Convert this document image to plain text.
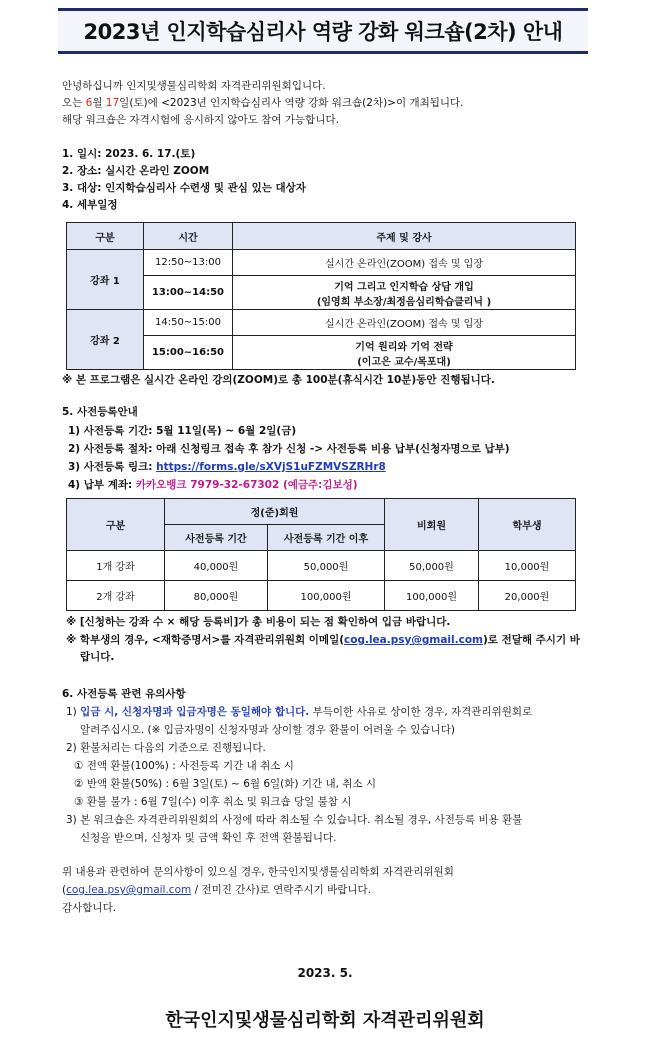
2023년 인지학습심리사 역량 강화 워크숍(2차) 안내
안녕하십니까 인지및생물심리학회 자격관리위원회입니다.
오는 6월 17일(토)에 <2023년 인지학습심리사 역량 강화 워크숍(2차)>이 개최됩니다.
해당 워크숍은 자격시험에 응시하지 않아도 참여 가능합니다.
1. 일시: 2023. 6. 17.(토)
2. 장소: 실시간 온라인 ZOOM
3. 대상: 인지학습심리사 수련생 및 관심 있는 대상자
4. 세부일정
구분	시간	주제 및 강사
강좌 1	12:50~13:00	실시간 온라인(ZOOM) 접속 및 입장
	13:00~14:50	기억 그리고 인지학습 상담 개입
(임영희 부소장/최정음심리학습클리닉 )

강좌 2	14:50~15:00	실시간 온라인(ZOOM) 접속 및 입장
	15:00~16:50	기억 원리와 기억 전략
(이고은 교수/목포대)
※ 본 프로그램은 실시간 온라인 강의(ZOOM)로 총 100분(휴식시간 10분)동안 진행됩니다.
5. 사전등록안내
1) 사전등록 기간: 5월 11일(목) ~ 6월 2일(금)
2) 사전등록 절차: 아래 신청링크 접속 후 참가 신청 -> 사전등록 비용 납부(신청자명으로 납부)
3) 사전등록 링크: https://forms.gle/sXVjS1uFZMVSZRHr8
4) 납부 계좌: 카카오뱅크 7979-32-67302 (예금주:김보성)
구분	정(준)회원		비회원	학부생
	사전등록 기간	사전등록 기간 이후		
1개 강좌	40,000원	50,000원	50,000원	10,000원
2개 강좌	80,000원	100,000원	100,000원	20,000원
※ [신청하는 강좌 수 × 해당 등록비]가 총 비용이 되는 점 확인하여 입금 바랍니다.
※ 학부생의 경우, <재학증명서>를 자격관리위원회 이메일(cog.lea.psy@gmail.com)로 전달해 주시기 바
랍니다.
6. 사전등록 관련 유의사항
1) 입금 시, 신청자명과 입금자명은 동일해야 합니다. 부득이한 사유로 상이한 경우, 자격관리위원회로
알려주십시오. (※ 입금자명이 신청자명과 상이할 경우 환불이 어려울 수 있습니다)
2) 환불처리는 다음의 기준으로 진행됩니다.
① 전액 환불(100%) : 사전등록 기간 내 취소 시
② 반액 환불(50%) : 6월 3일(토) ~ 6월 6일(화) 기간 내, 취소 시
③ 환불 불가 : 6월 7일(수) 이후 취소 및 워크숍 당일 불참 시
3) 본 워크숍은 자격관리위원회의 사정에 따라 취소될 수 있습니다. 취소될 경우, 사전등록 비용 환불
신청을 받으며, 신청자 및 금액 확인 후 전액 환불됩니다.
위 내용과 관련하여 문의사항이 있으실 경우, 한국인지및생물심리학회 자격관리위원회
(cog.lea.psy@gmail.com / 전미진 간사)로 연락주시기 바랍니다.
감사합니다.
2023. 5.
한국인지및생물심리학회 자격관리위원회
